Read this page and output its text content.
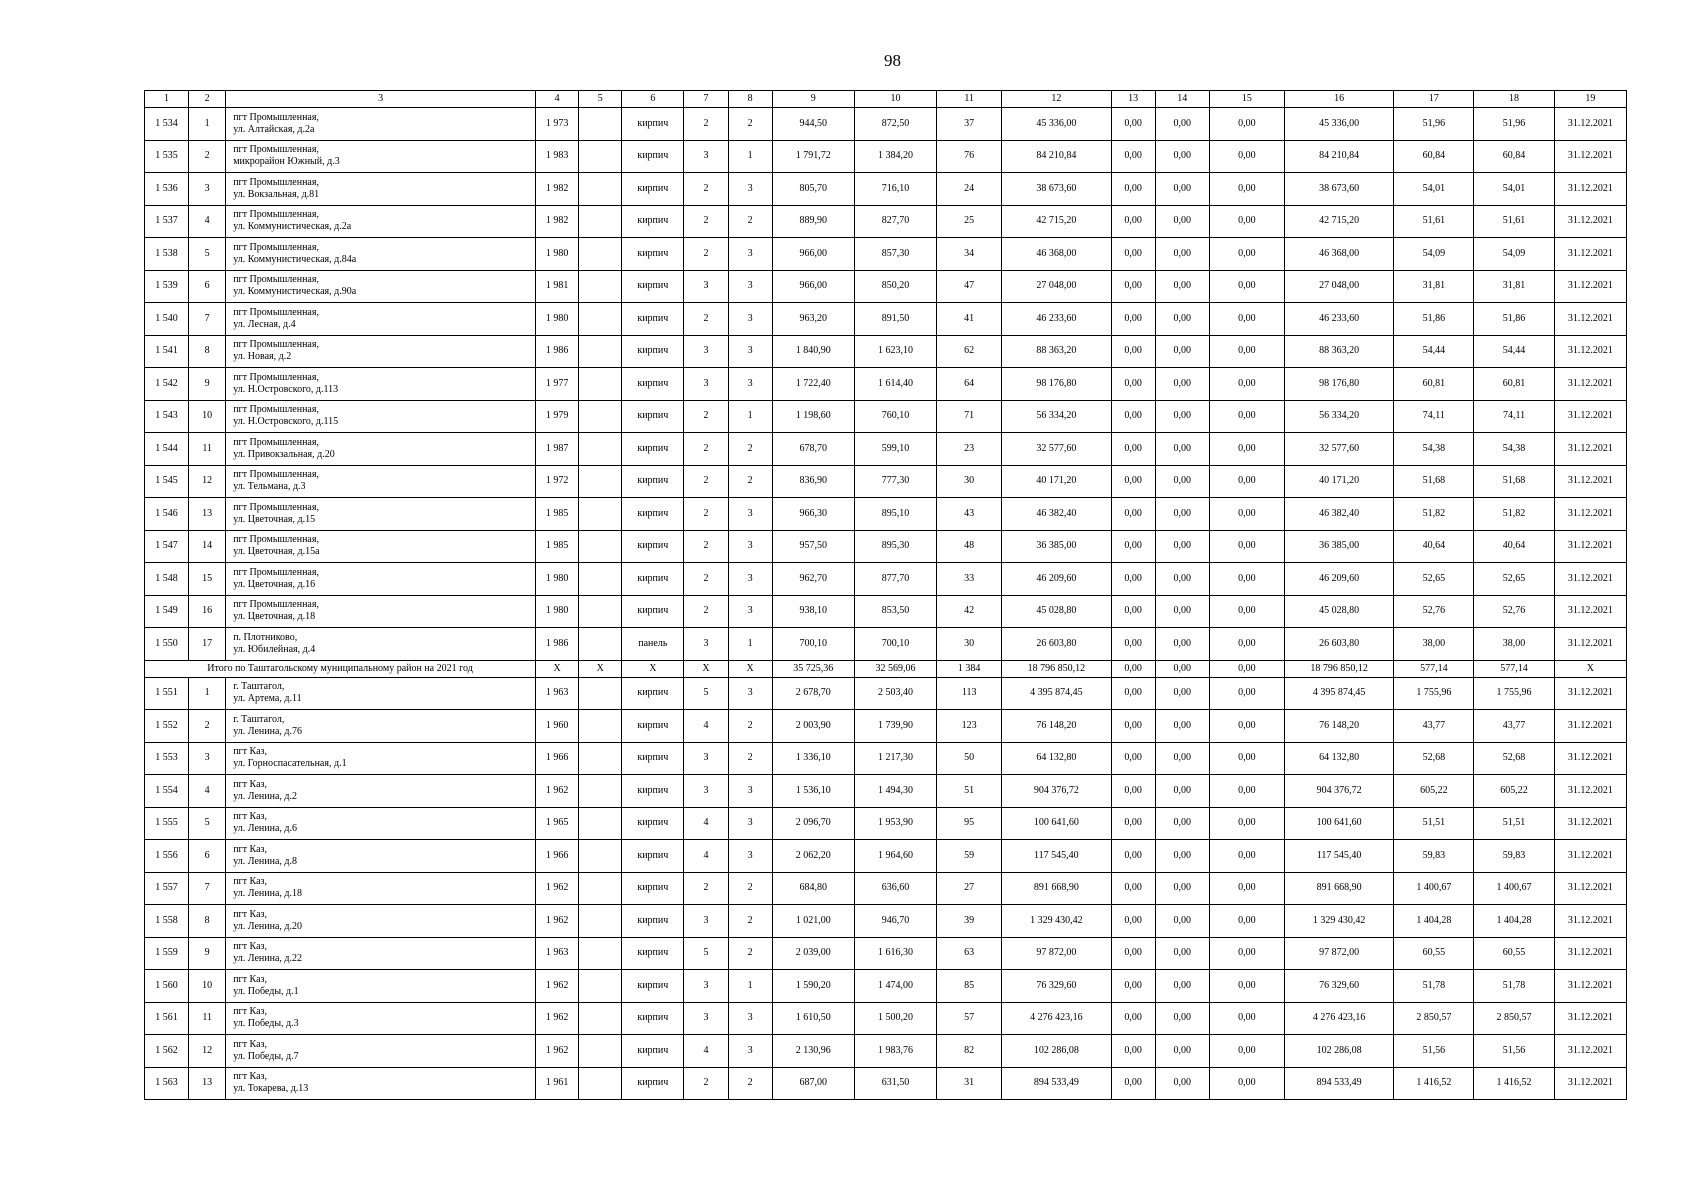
98
1	2	3	4	5	6	7	8	9	10	11	12	13	14	15	16	17	18	19
1 534	1	пгт Промышленная,
ул. Алтайская, д.2а	1 973		кирпич	2	2	944,50	872,50	37	45 336,00	0,00	0,00	0,00	45 336,00	51,96	51,96	31.12.2021
1 535	2	пгт Промышленная,
микрорайон Южный, д.3	1 983		кирпич	3	1	1 791,72	1 384,20	76	84 210,84	0,00	0,00	0,00	84 210,84	60,84	60,84	31.12.2021
1 536	3	пгт Промышленная,
ул. Вокзальная, д.81	1 982		кирпич	2	3	805,70	716,10	24	38 673,60	0,00	0,00	0,00	38 673,60	54,01	54,01	31.12.2021
1 537	4	пгт Промышленная,
ул. Коммунистическая, д.2а	1 982		кирпич	2	2	889,90	827,70	25	42 715,20	0,00	0,00	0,00	42 715,20	51,61	51,61	31.12.2021
1 538	5	пгт Промышленная,
ул. Коммунистическая, д.84а	1 980		кирпич	2	3	966,00	857,30	34	46 368,00	0,00	0,00	0,00	46 368,00	54,09	54,09	31.12.2021
1 539	6	пгт Промышленная,
ул. Коммунистическая, д.90а	1 981		кирпич	3	3	966,00	850,20	47	27 048,00	0,00	0,00	0,00	27 048,00	31,81	31,81	31.12.2021
1 540	7	пгт Промышленная,
ул. Лесная, д.4	1 980		кирпич	2	3	963,20	891,50	41	46 233,60	0,00	0,00	0,00	46 233,60	51,86	51,86	31.12.2021
1 541	8	пгт Промышленная,
ул. Новая, д.2	1 986		кирпич	3	3	1 840,90	1 623,10	62	88 363,20	0,00	0,00	0,00	88 363,20	54,44	54,44	31.12.2021
1 542	9	пгт Промышленная,
ул. Н.Островского, д.113	1 977		кирпич	3	3	1 722,40	1 614,40	64	98 176,80	0,00	0,00	0,00	98 176,80	60,81	60,81	31.12.2021
1 543	10	пгт Промышленная,
ул. Н.Островского, д.115	1 979		кирпич	2	1	1 198,60	760,10	71	56 334,20	0,00	0,00	0,00	56 334,20	74,11	74,11	31.12.2021
1 544	11	пгт Промышленная,
ул. Привокзальная, д.20	1 987		кирпич	2	2	678,70	599,10	23	32 577,60	0,00	0,00	0,00	32 577,60	54,38	54,38	31.12.2021
1 545	12	пгт Промышленная,
ул. Тельмана, д.3	1 972		кирпич	2	2	836,90	777,30	30	40 171,20	0,00	0,00	0,00	40 171,20	51,68	51,68	31.12.2021
1 546	13	пгт Промышленная,
ул. Цветочная, д.15	1 985		кирпич	2	3	966,30	895,10	43	46 382,40	0,00	0,00	0,00	46 382,40	51,82	51,82	31.12.2021
1 547	14	пгт Промышленная,
ул. Цветочная, д.15а	1 985		кирпич	2	3	957,50	895,30	48	36 385,00	0,00	0,00	0,00	36 385,00	40,64	40,64	31.12.2021
1 548	15	пгт Промышленная,
ул. Цветочная, д.16	1 980		кирпич	2	3	962,70	877,70	33	46 209,60	0,00	0,00	0,00	46 209,60	52,65	52,65	31.12.2021
1 549	16	пгт Промышленная,
ул. Цветочная, д.18	1 980		кирпич	2	3	938,10	853,50	42	45 028,80	0,00	0,00	0,00	45 028,80	52,76	52,76	31.12.2021
1 550	17	п. Плотниково,
ул. Юбилейная, д.4	1 986		панель	3	1	700,10	700,10	30	26 603,80	0,00	0,00	0,00	26 603,80	38,00	38,00	31.12.2021
Итого по Таштагольскому муниципальному район на 2021 год			X	X	X	X	X	35 725,36	32 569,06	1 384	18 796 850,12	0,00	0,00	0,00	18 796 850,12	577,14	577,14	X
1 551	1	г. Таштагол,
ул. Артема, д.11	1 963		кирпич	5	3	2 678,70	2 503,40	113	4 395 874,45	0,00	0,00	0,00	4 395 874,45	1 755,96	1 755,96	31.12.2021
1 552	2	г. Таштагол,
ул. Ленина, д.76	1 960		кирпич	4	2	2 003,90	1 739,90	123	76 148,20	0,00	0,00	0,00	76 148,20	43,77	43,77	31.12.2021
1 553	3	пгт Каз,
ул. Горноспасательная, д.1	1 966		кирпич	3	2	1 336,10	1 217,30	50	64 132,80	0,00	0,00	0,00	64 132,80	52,68	52,68	31.12.2021
1 554	4	пгт Каз,
ул. Ленина, д.2	1 962		кирпич	3	3	1 536,10	1 494,30	51	904 376,72	0,00	0,00	0,00	904 376,72	605,22	605,22	31.12.2021
1 555	5	пгт Каз,
ул. Ленина, д.6	1 965		кирпич	4	3	2 096,70	1 953,90	95	100 641,60	0,00	0,00	0,00	100 641,60	51,51	51,51	31.12.2021
1 556	6	пгт Каз,
ул. Ленина, д.8	1 966		кирпич	4	3	2 062,20	1 964,60	59	117 545,40	0,00	0,00	0,00	117 545,40	59,83	59,83	31.12.2021
1 557	7	пгт Каз,
ул. Ленина, д.18	1 962		кирпич	2	2	684,80	636,60	27	891 668,90	0,00	0,00	0,00	891 668,90	1 400,67	1 400,67	31.12.2021
1 558	8	пгт Каз,
ул. Ленина, д.20	1 962		кирпич	3	2	1 021,00	946,70	39	1 329 430,42	0,00	0,00	0,00	1 329 430,42	1 404,28	1 404,28	31.12.2021
1 559	9	пгт Каз,
ул. Ленина, д.22	1 963		кирпич	5	2	2 039,00	1 616,30	63	97 872,00	0,00	0,00	0,00	97 872,00	60,55	60,55	31.12.2021
1 560	10	пгт Каз,
ул. Победы, д.1	1 962		кирпич	3	1	1 590,20	1 474,00	85	76 329,60	0,00	0,00	0,00	76 329,60	51,78	51,78	31.12.2021
1 561	11	пгт Каз,
ул. Победы, д.3	1 962		кирпич	3	3	1 610,50	1 500,20	57	4 276 423,16	0,00	0,00	0,00	4 276 423,16	2 850,57	2 850,57	31.12.2021
1 562	12	пгт Каз,
ул. Победы, д.7	1 962		кирпич	4	3	2 130,96	1 983,76	82	102 286,08	0,00	0,00	0,00	102 286,08	51,56	51,56	31.12.2021
1 563	13	пгт Каз,
ул. Токарева, д.13	1 961		кирпич	2	2	687,00	631,50	31	894 533,49	0,00	0,00	0,00	894 533,49	1 416,52	1 416,52	31.12.2021
